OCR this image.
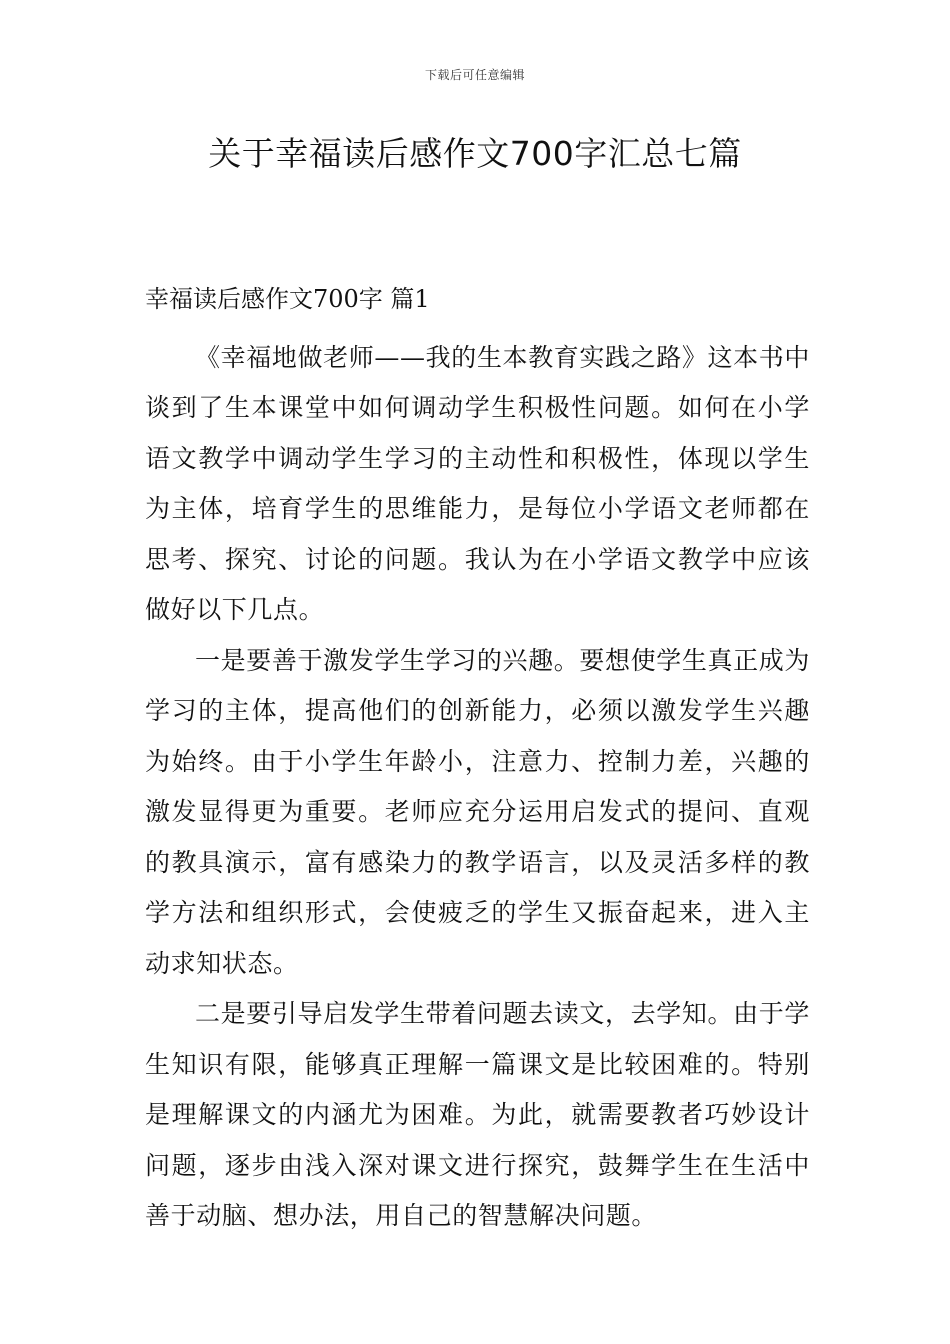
下载后可任意编辑
关于幸福读后感作文700字汇总七篇
幸福读后感作文700字 篇1

《幸福地做老师——我的生本教育实践之路》这本书中谈到了生本课堂中如何调动学生积极性问题。如何在小学语文教学中调动学生学习的主动性和积极性，体现以学生为主体，培育学生的思维能力，是每位小学语文老师都在思考、探究、讨论的问题。我认为在小学语文教学中应该做好以下几点。

一是要善于激发学生学习的兴趣。要想使学生真正成为学习的主体，提高他们的创新能力，必须以激发学生兴趣为始终。由于小学生年龄小，注意力、控制力差，兴趣的激发显得更为重要。老师应充分运用启发式的提问、直观的教具演示，富有感染力的教学语言，以及灵活多样的教学方法和组织形式，会使疲乏的学生又振奋起来，进入主动求知状态。

二是要引导启发学生带着问题去读文，去学知。由于学生知识有限，能够真正理解一篇课文是比较困难的。特别是理解课文的内涵尤为困难。为此，就需要教者巧妙设计问题，逐步由浅入深对课文进行探究，鼓舞学生在生活中善于动脑、想办法，用自己的智慧解决问题。
